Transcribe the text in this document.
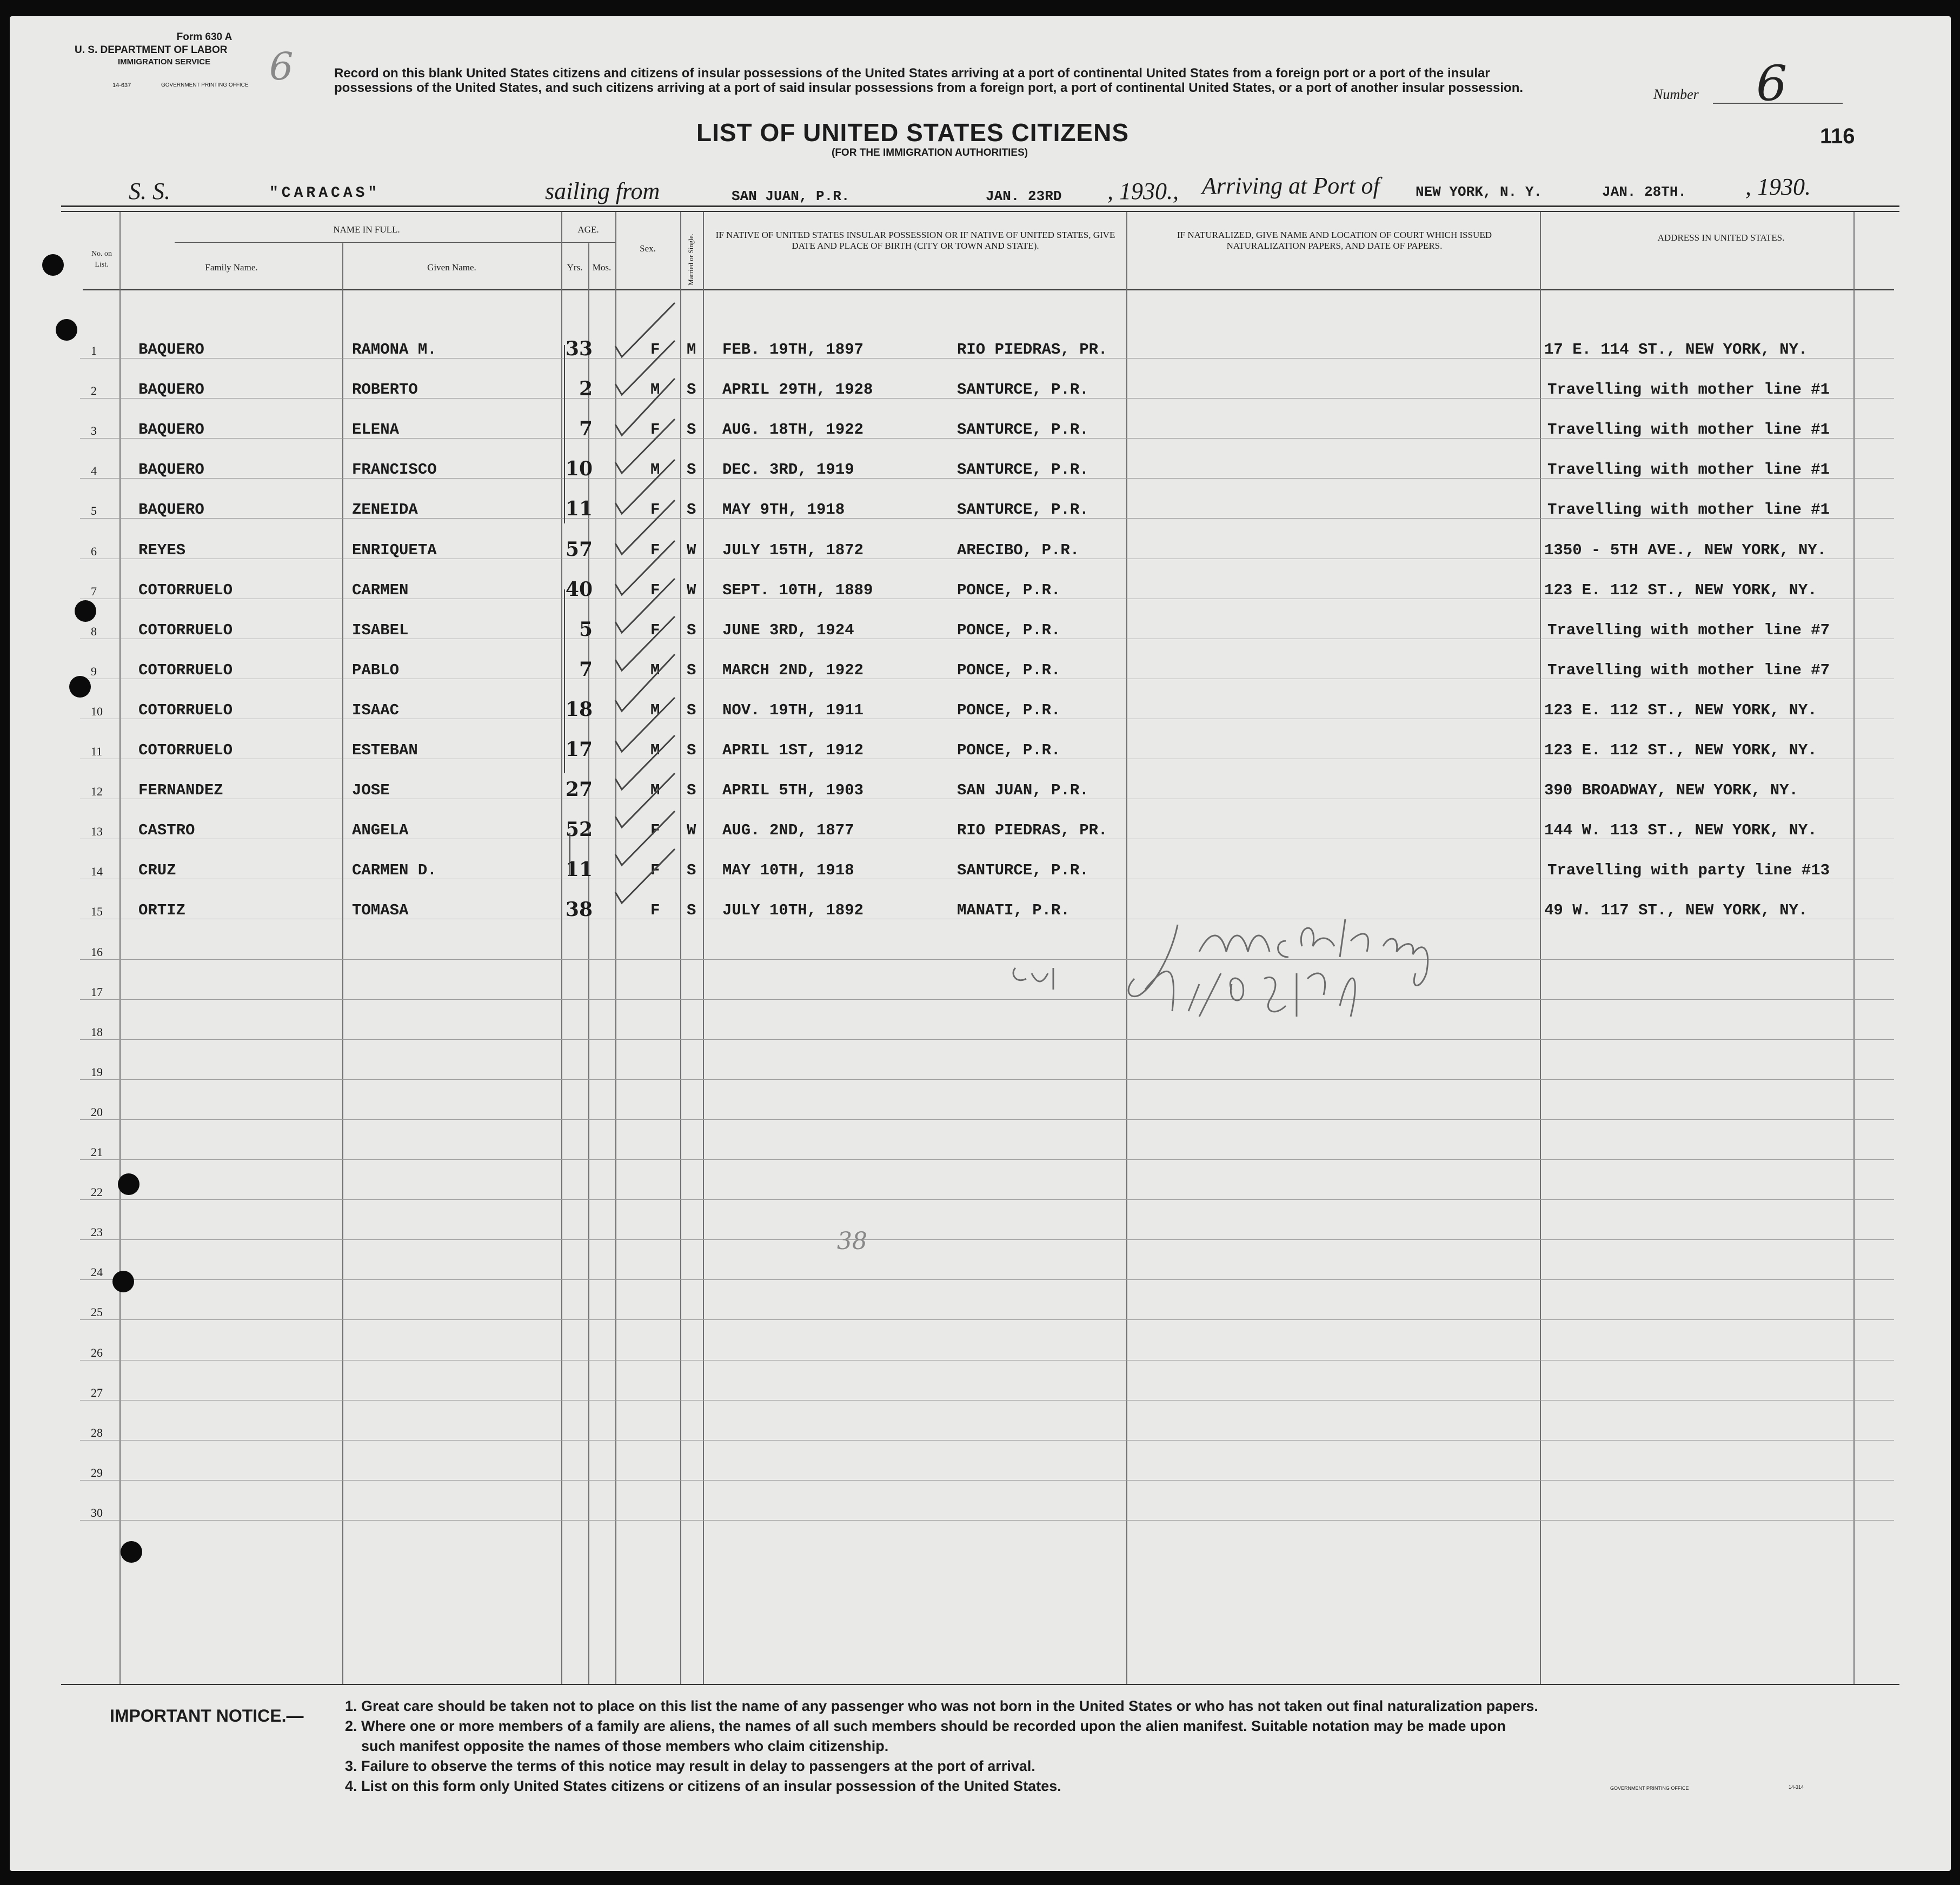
Form 630 A
U. S. DEPARTMENT OF LABOR
IMMIGRATION SERVICE
14-637	GOVERNMENT PRINTING OFFICE 6	Record on this blank United States citizens and citizens of insular possessions of the United States arriving at a port of continental United States from a foreign port or a port of the insular possessions of the United States, and such citizens arriving at a port of said insular possessions from a foreign port, a port of continental United States, or a port of another insular possession.
LIST OF UNITED STATES CITIZENS
(FOR THE IMMIGRATION AUTHORITIES)
Number 6
116
S. S.	"CARACAS"	sailing from	SAN JUAN, P.R.	JAN. 23RD , 1930., Arriving at Port of	NEW YORK, N. Y.	JAN. 28TH. , 1930.
No. on List.
NAME IN FULL.
Family Name.	Given Name.
AGE.
Yrs.	Mos.
Sex.	Married or Single.	IF NATIVE OF UNITED STATES INSULAR POSSESSION OR IF NATIVE OF UNITED STATES, GIVE DATE AND PLACE OF BIRTH (CITY OR TOWN AND STATE).
IF NATURALIZED, GIVE NAME AND LOCATION OF COURT WHICH ISSUED NATURALIZATION PAPERS, AND DATE OF PAPERS.
ADDRESS IN UNITED STATES.
BAQUERO	RAMONA M.	33	F M FEB. 19TH, 1897	RIO PIEDRAS, PR.	17 E. 114 ST., NEW YORK, NY.
1
BAQUERO	ROBERTO	2	M S APRIL 29TH, 1928	SANTURCE, P.R.	Travelling with mother line #1
2
BAQUERO	ELENA	7	F S AUG. 18TH, 1922	SANTURCE, P.R.	Travelling with mother line #1
3
BAQUERO	FRANCISCO	10	M S DEC. 3RD, 1919	SANTURCE, P.R.	Travelling with mother line #1
4
BAQUERO	ZENEIDA	11	F S MAY 9TH, 1918	SANTURCE, P.R.	Travelling with mother line #1
5
REYES	ENRIQUETA	57	F W JULY 15TH, 1872	ARECIBO, P.R.	1350 - 5TH AVE., NEW YORK, NY.
6
COTORRUELO	CARMEN	40	F W SEPT. 10TH, 1889	PONCE, P.R.	123 E. 112 ST., NEW YORK, NY.
7
COTORRUELO	ISABEL	5	F S JUNE 3RD, 1924	PONCE, P.R.	Travelling with mother line #7
8
COTORRUELO	PABLO	7	M S MARCH 2ND, 1922	PONCE, P.R.	Travelling with mother line #7
9
COTORRUELO	ISAAC	18	M S NOV. 19TH, 1911	PONCE, P.R.	123 E. 112 ST., NEW YORK, NY.
10
COTORRUELO	ESTEBAN	17	M S APRIL 1ST, 1912	PONCE, P.R.	123 E. 112 ST., NEW YORK, NY.
11
FERNANDEZ	JOSE	27	M S APRIL 5TH, 1903	SAN JUAN, P.R.	390 BROADWAY, NEW YORK, NY.
12
CASTRO	ANGELA	52	F W AUG. 2ND, 1877	RIO PIEDRAS, PR.	144 W. 113 ST., NEW YORK, NY.
13
CRUZ	CARMEN D.	11	F S MAY 10TH, 1918	SANTURCE, P.R.	Travelling with party line #13
14
ORTIZ	TOMASA	38	F S JULY 10TH, 1892	MANATI, P.R.	49 W. 117 ST., NEW YORK, NY.
15
16
17
18
19
20
21
22
23
24
25
26
27
28
29
30
38
IMPORTANT NOTICE.—	1. Great care should be taken not to place on this list the name of any passenger who was not born in the United States or who has not taken out final naturalization papers.
2. Where one or more members of a family are aliens, the names of all such members should be recorded upon the alien manifest. Suitable notation may be made upon
such manifest opposite the names of those members who claim citizenship.
3. Failure to observe the terms of this notice may result in delay to passengers at the port of arrival.
4. List on this form only United States citizens or citizens of an insular possession of the United States.	GOVERNMENT PRINTING OFFICE	14-314
